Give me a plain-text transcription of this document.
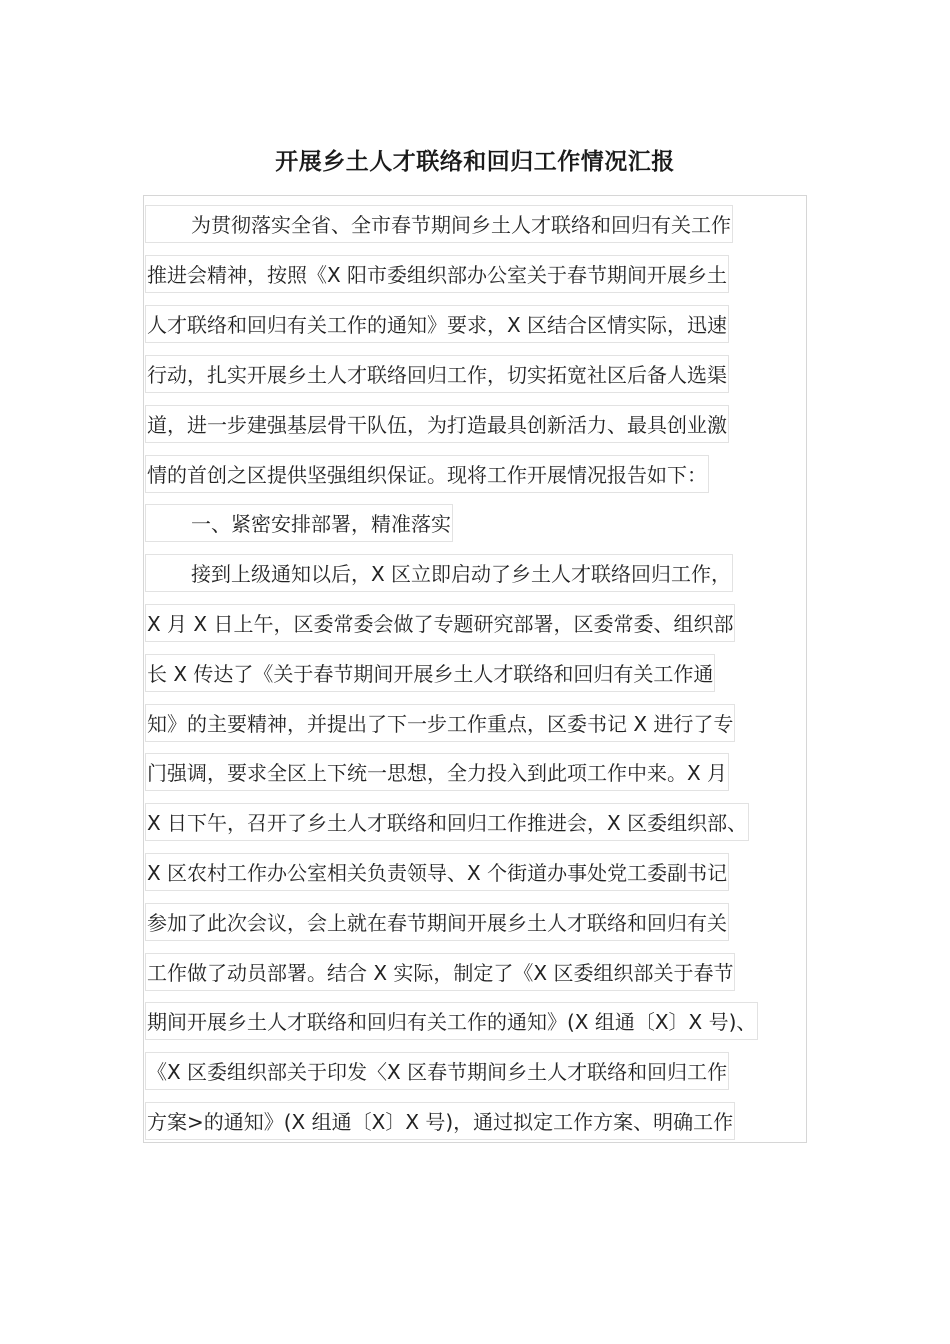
开展乡土人才联络和回归工作情况汇报
为贯彻落实全省、全市春节期间乡土人才联络和回归有关工作
推进会精神，按照《X 阳市委组织部办公室关于春节期间开展乡土
人才联络和回归有关工作的通知》要求，X 区结合区情实际，迅速
行动，扎实开展乡土人才联络回归工作，切实拓宽社区后备人选渠
道，进一步建强基层骨干队伍，为打造最具创新活力、最具创业激
情的首创之区提供坚强组织保证。现将工作开展情况报告如下：
一、紧密安排部署，精准落实
接到上级通知以后，X 区立即启动了乡土人才联络回归工作，
X 月 X 日上午，区委常委会做了专题研究部署，区委常委、组织部
长 X 传达了《关于春节期间开展乡土人才联络和回归有关工作通
知》的主要精神，并提出了下一步工作重点，区委书记 X 进行了专
门强调，要求全区上下统一思想，全力投入到此项工作中来。X 月
X 日下午，召开了乡土人才联络和回归工作推进会，X 区委组织部、
X 区农村工作办公室相关负责领导、X 个街道办事处党工委副书记
参加了此次会议，会上就在春节期间开展乡土人才联络和回归有关
工作做了动员部署。结合 X 实际，制定了《X 区委组织部关于春节
期间开展乡土人才联络和回归有关工作的通知》(X 组通〔X〕X 号)、
《X 区委组织部关于印发〈X 区春节期间乡土人才联络和回归工作
方案>的通知》(X 组通〔X〕X 号)，通过拟定工作方案、明确工作
